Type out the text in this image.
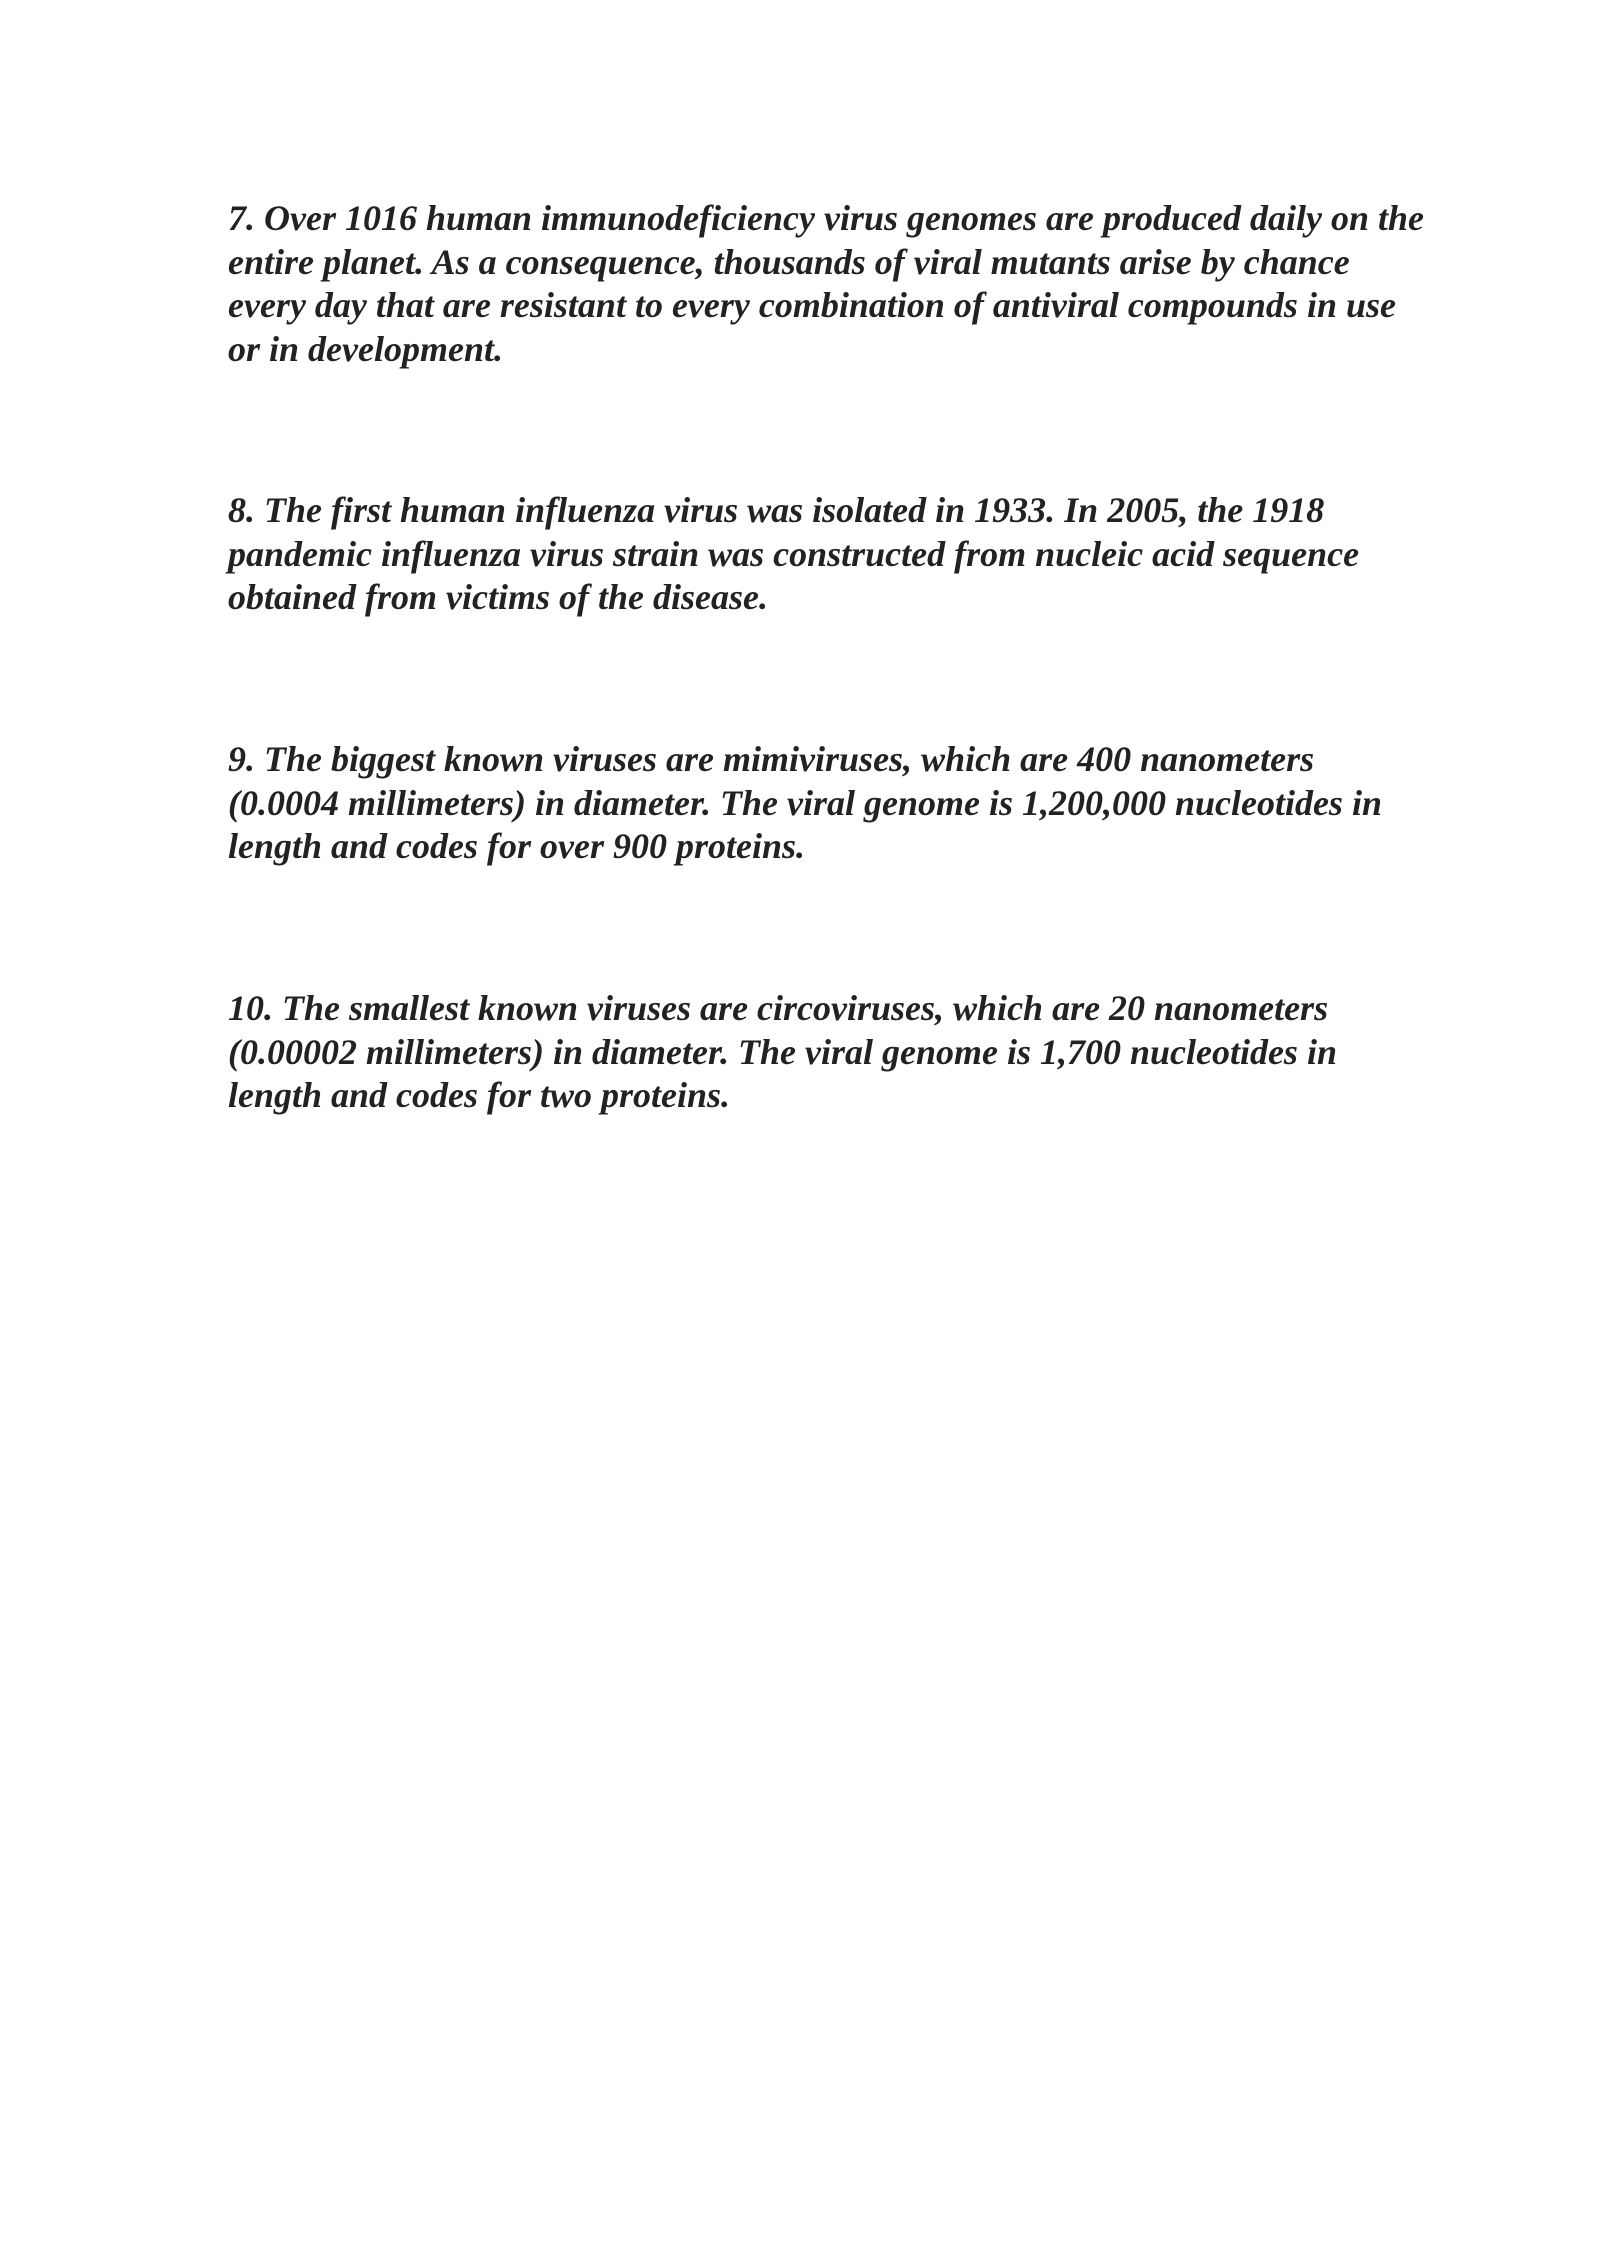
7. Over 1016 human immunodeficiency virus genomes are produced daily on the
entire planet. As a consequence, thousands of viral mutants arise by chance
every day that are resistant to every combination of antiviral compounds in use
or in development.

8. The first human influenza virus was isolated in 1933. In 2005, the 1918
pandemic influenza virus strain was constructed from nucleic acid sequence
obtained from victims of the disease.

9. The biggest known viruses are mimiviruses, which are 400 nanometers
(0.0004 millimeters) in diameter. The viral genome is 1,200,000 nucleotides in
length and codes for over 900 proteins.

10. The smallest known viruses are circoviruses, which are 20 nanometers
(0.00002 millimeters) in diameter. The viral genome is 1,700 nucleotides in
length and codes for two proteins.
